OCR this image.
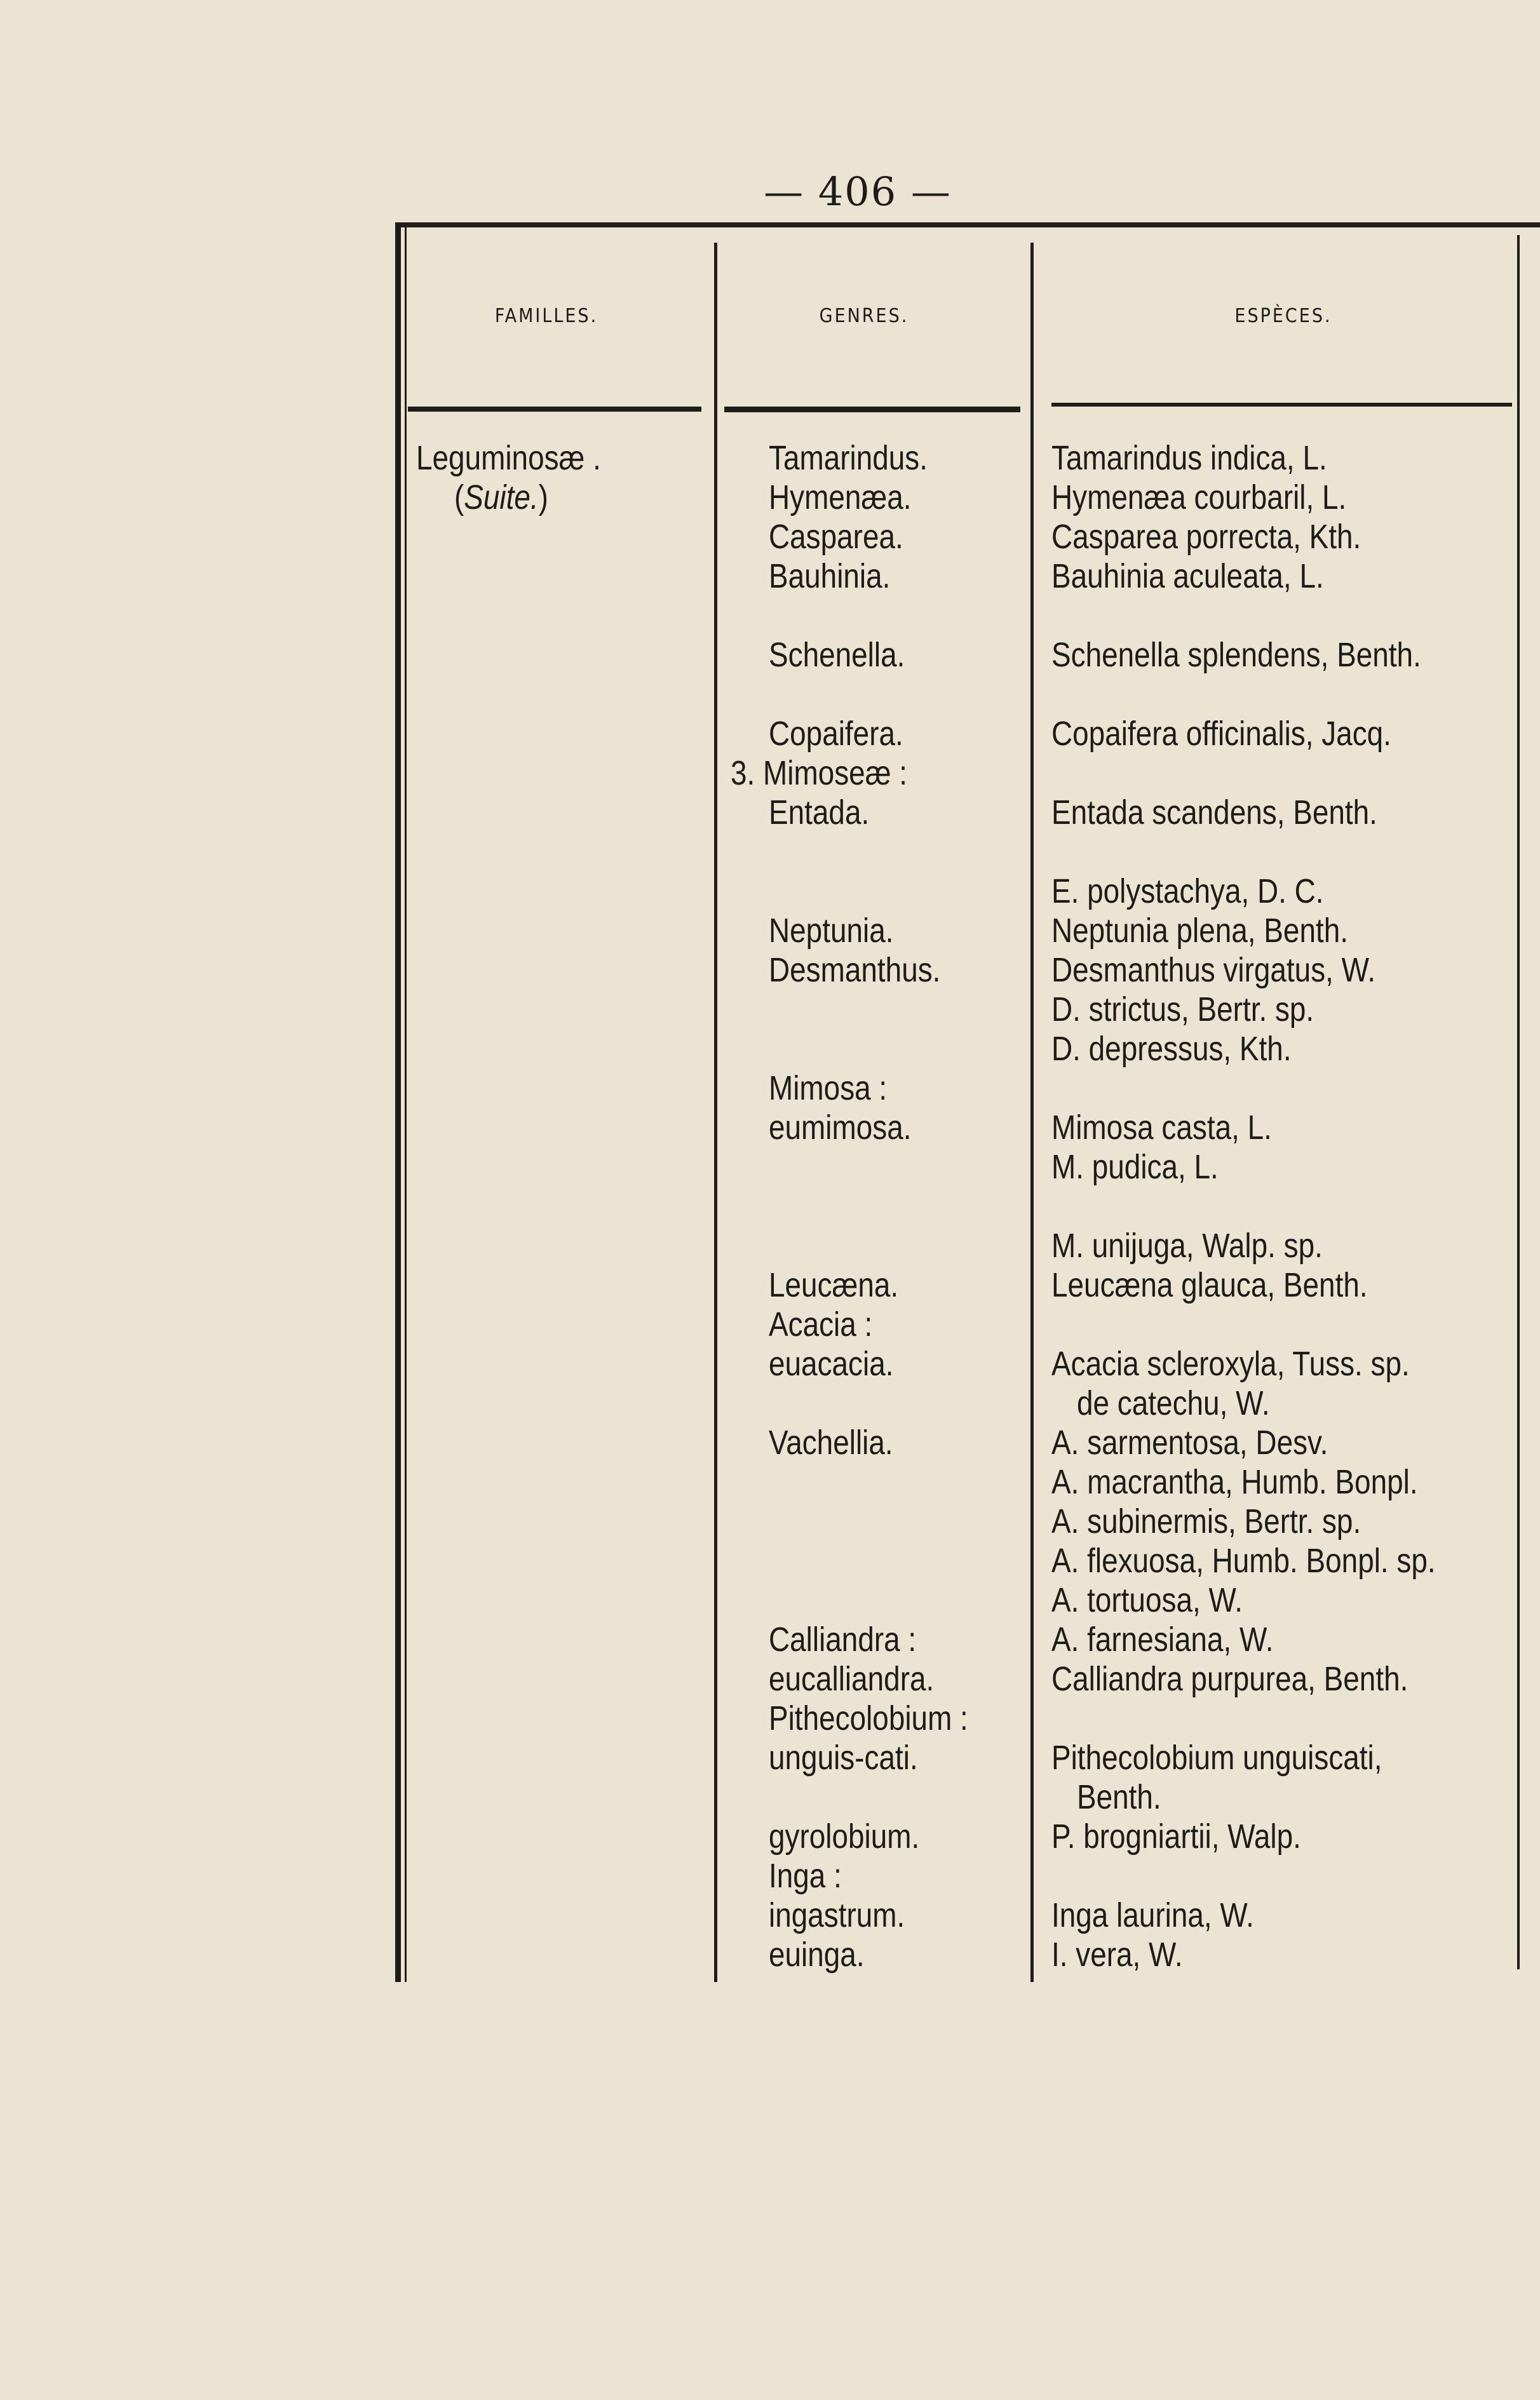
— 406 —
FAMILLES.	GENRES.	ESPÈCES.
Leguminosæ .
(Suite.)
Tamarindus.
Hymenæa.
Casparea.
Bauhinia.
Schenella.
Copaifera.
3. Mimoseæ :
Entada.
Neptunia.
Desmanthus.
Mimosa :
eumimosa.
Leucæna.
Acacia :
euacacia.
Vachellia.
Calliandra :
eucalliandra.
Pithecolobium :
unguis-cati.
gyrolobium.
Inga :
ingastrum.
euinga.
Tamarindus indica, L.
Hymenæa courbaril, L.
Casparea porrecta, Kth.
Bauhinia aculeata, L.
Schenella splendens, Benth.
Copaifera officinalis, Jacq.
Entada scandens, Benth.
E. polystachya, D. C.
Neptunia plena, Benth.
Desmanthus virgatus, W.
D. strictus, Bertr. sp.
D. depressus, Kth.
Mimosa casta, L.
M. pudica, L.
M. unijuga, Walp. sp.
Leucæna glauca, Benth.
Acacia scleroxyla, Tuss. sp.
de catechu, W.
A. sarmentosa, Desv.
A. macrantha, Humb. Bonpl.
A. subinermis, Bertr. sp.
A. flexuosa, Humb. Bonpl. sp.
A. tortuosa, W.
A. farnesiana, W.
Calliandra purpurea, Benth.
Pithecolobium unguiscati,
Benth.
P. brogniartii, Walp.
Inga laurina, W.
I. vera, W.
